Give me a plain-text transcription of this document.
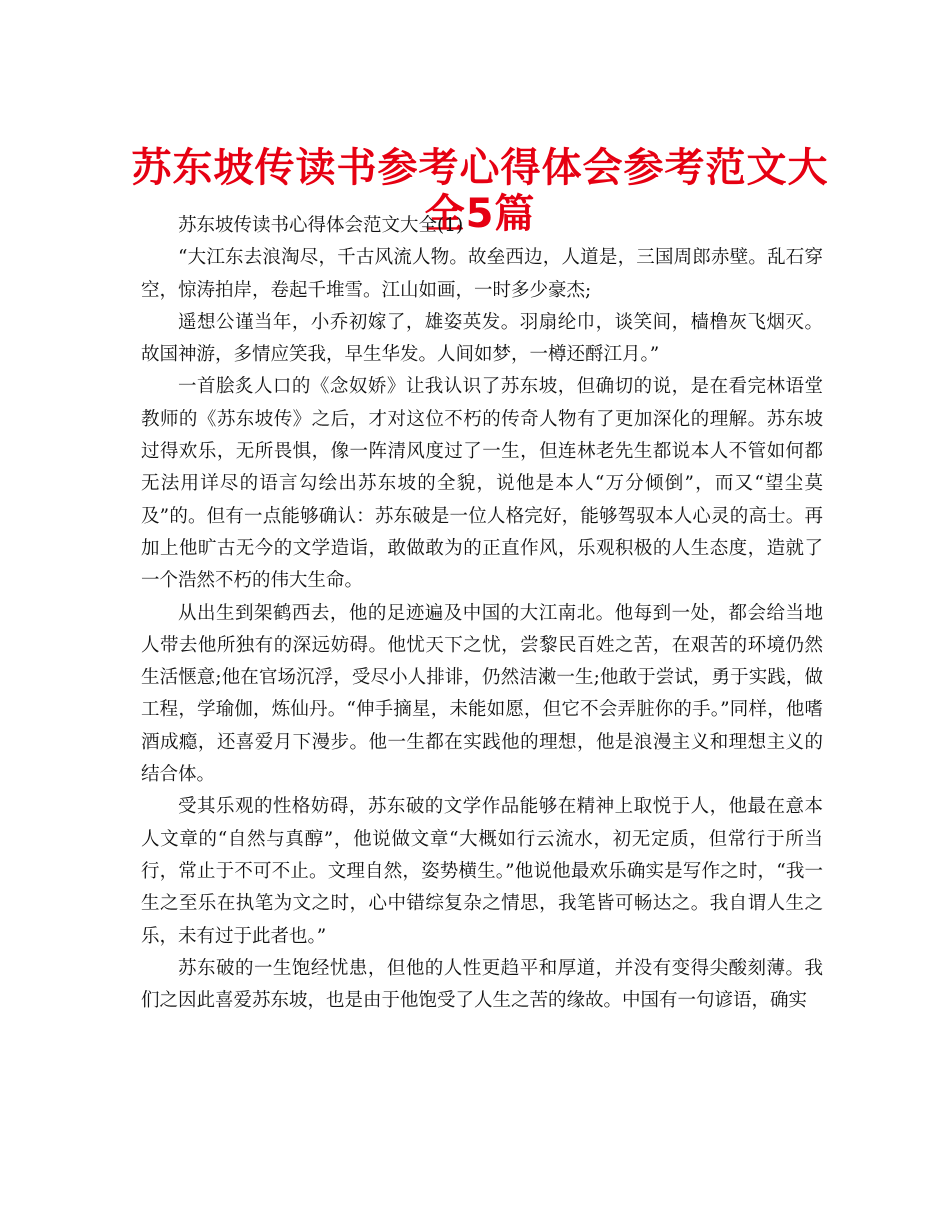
苏东坡传读书参考心得体会参考范文大全5篇

苏东坡传读书心得体会范文大全(1)

“大江东去浪淘尽，千古风流人物。故垒西边，人道是，三国周郎赤壁。乱石穿空，惊涛拍岸，卷起千堆雪。江山如画，一时多少豪杰;

遥想公谨当年，小乔初嫁了，雄姿英发。羽扇纶巾，谈笑间，樯橹灰飞烟灭。故国神游，多情应笑我，早生华发。人间如梦，一樽还酹江月。”

一首脍炙人口的《念奴娇》让我认识了苏东坡，但确切的说，是在看完林语堂教师的《苏东坡传》之后，才对这位不朽的传奇人物有了更加深化的理解。苏东坡过得欢乐，无所畏惧，像一阵清风度过了一生，但连林老先生都说本人不管如何都无法用详尽的语言勾绘出苏东坡的全貌，说他是本人“万分倾倒”，而又“望尘莫及”的。但有一点能够确认：苏东破是一位人格完好，能够驾驭本人心灵的高士。再加上他旷古无今的文学造诣，敢做敢为的正直作风，乐观积极的人生态度，造就了一个浩然不朽的伟大生命。

从出生到架鹤西去，他的足迹遍及中国的大江南北。他每到一处，都会给当地人带去他所独有的深远妨碍。他忧天下之忧，尝黎民百姓之苦，在艰苦的环境仍然生活惬意;他在官场沉浮，受尽小人排诽，仍然洁潄一生;他敢于尝试，勇于实践，做工程，学瑜伽，炼仙丹。“伸手摘星，未能如愿，但它不会弄脏你的手。”同样，他嗜酒成瘾，还喜爱月下漫步。他一生都在实践他的理想，他是浪漫主义和理想主义的结合体。

受其乐观的性格妨碍，苏东破的文学作品能够在精神上取悦于人，他最在意本人文章的“自然与真醇”，他说做文章“大概如行云流水，初无定质，但常行于所当行，常止于不可不止。文理自然，姿势横生。”他说他最欢乐确实是写作之时，“我一生之至乐在执笔为文之时，心中错综复杂之情思，我笔皆可畅达之。我自谓人生之乐，未有过于此者也。”

苏东破的一生饱经忧患，但他的人性更趋平和厚道，并没有变得尖酸刻薄。我们之因此喜爱苏东坡，也是由于他饱受了人生之苦的缘故。中国有一句谚语，确实
